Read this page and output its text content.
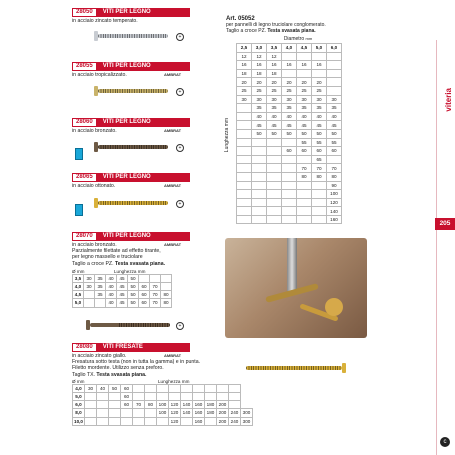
viteria
205
c
28050	VITI PER LEGNO
in acciaio zincato temperato.
+
28055	VITI PER LEGNO
in acciaio tropicalizzato.	AMBRAT
+
28060	VITI PER LEGNO
in acciaio bronzato.	AMBRAT
+
28065	VITI PER LEGNO
in acciaio ottonato.	AMBRAT
+
Art. 05052
per pannelli di legno truciolare conglomerato.
Taglio a croce PZ. Testa svasata piana.
Diametro mm
2,5	3,0	3,5	4,0	4,5	5,0	6,0
12	12	12				
16	16	16	16	16	16	
18	18	18				
20	20	20	20	20	20	
25	25	25	25	25	25	
30	30	30	30	30	30	30
	35	35	35	35	35	35
	40	40	40	40	40	40
	45	45	45	45	45	45
	50	50	50	50	50	50
				55	55	55
			60	60	60	60
					65	
				70	70	70
				80	80	80
						90
						100
						120
						140
						160
Lunghezza mm
28070	VITI PER LEGNO
AMBRAT
in acciaio bronzato.
Parzialmente filettate ad effetto tirante,
per legno massello e truciolare
Taglio a croce PZ. Testa svasata piana.
Ø mm	Lunghezza mm
3,5	30	35	40	45	50			
4,0	30	35	40	45	50	60	70	
4,5		35	40	45	50	60	70	80
5,0			40	45	50	60	70	80
+
28080	VITI FRESATE
AMBRAT
in acciaio zincato giallo.
Fresatura sotto testa (non in tutta la gamma) e in punta.
Filetto mordente. Utilizzo senza preforo.
Taglio TX. Testa svasata piana.
Ø mm	Lunghezza mm
4,0	30	40	50	60										
5,0				60										
6,0				60	70	80	100	120	140	160	180	200		
8,0							100	120	140	160	180	200	240	300
10,0								120		160		200	240	300
